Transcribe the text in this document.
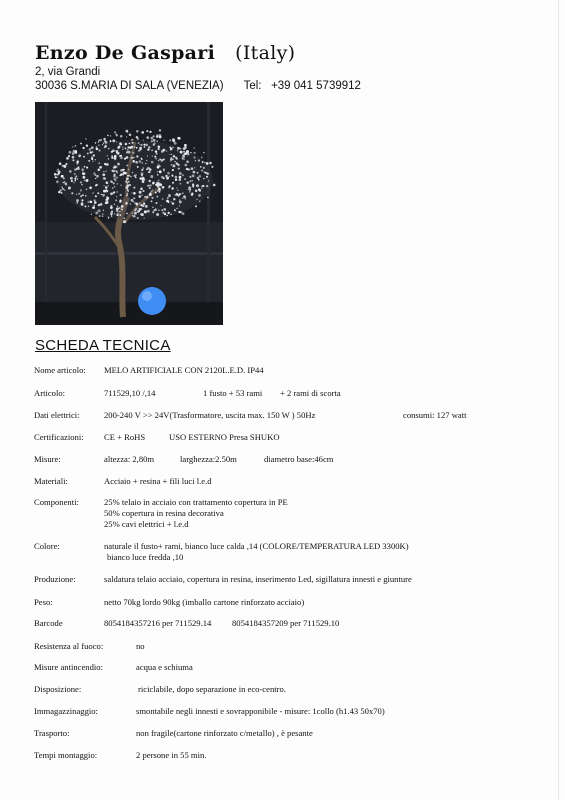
Enzo De Gaspari (Italy)
2, via Grandi
30036 S.MARIA DI SALA (VENEZIA) Tel: +39 041 5739912
SCHEDA TECNICA
Nome articolo: MELO ARTIFICIALE CON 2120L.E.D. IP44
Articolo:	711529,10 /,14	1 fusto + 53 rami + 2 rami di scorta
Dati elettrici:	200-240 V >> 24V(Trasformatore, uscita max. 150 W ) 50Hz	consumi: 127 watt
Certificazioni: CE + RoHS	USO ESTERNO Presa SHUKO
Misure:	altezza: 2,80m	larghezza:2.50m	diametro base:46cm
Materiali:	Acciaio + resina + fili luci l.e.d
Componenti:	25% telaio in acciaio con trattamento copertura in PE
50% copertura in resina decorativa
25% cavi elettrici + l.e.d
Colore:	naturale il fusto+ rami, bianco luce calda ,14 (COLORE/TEMPERATURA LED 3300K)
bianco luce fredda ,10
Produzione:	saldatura telaio acciaio, copertura in resina, inserimento Led, sigillatura innesti e giunture
Peso:	netto 70kg lordo 90kg (imballo cartone rinforzato acciaio)
Barcode	8054184357216 per 711529.14 8054184357209 per 711529.10
Resistenza al fuoco:	no
Misure antincendio:	acqua e schiuma
Disposizione:	riciclabile, dopo separazione in eco-centro.
Immagazzinaggio:	smontabile negli innesti e sovrapponibile - misure: 1collo (h1.43 50x70)
Trasporto:	non fragile(cartone rinforzato c/metallo) , è pesante
Tempi montaggio:	2 persone in 55 min.
